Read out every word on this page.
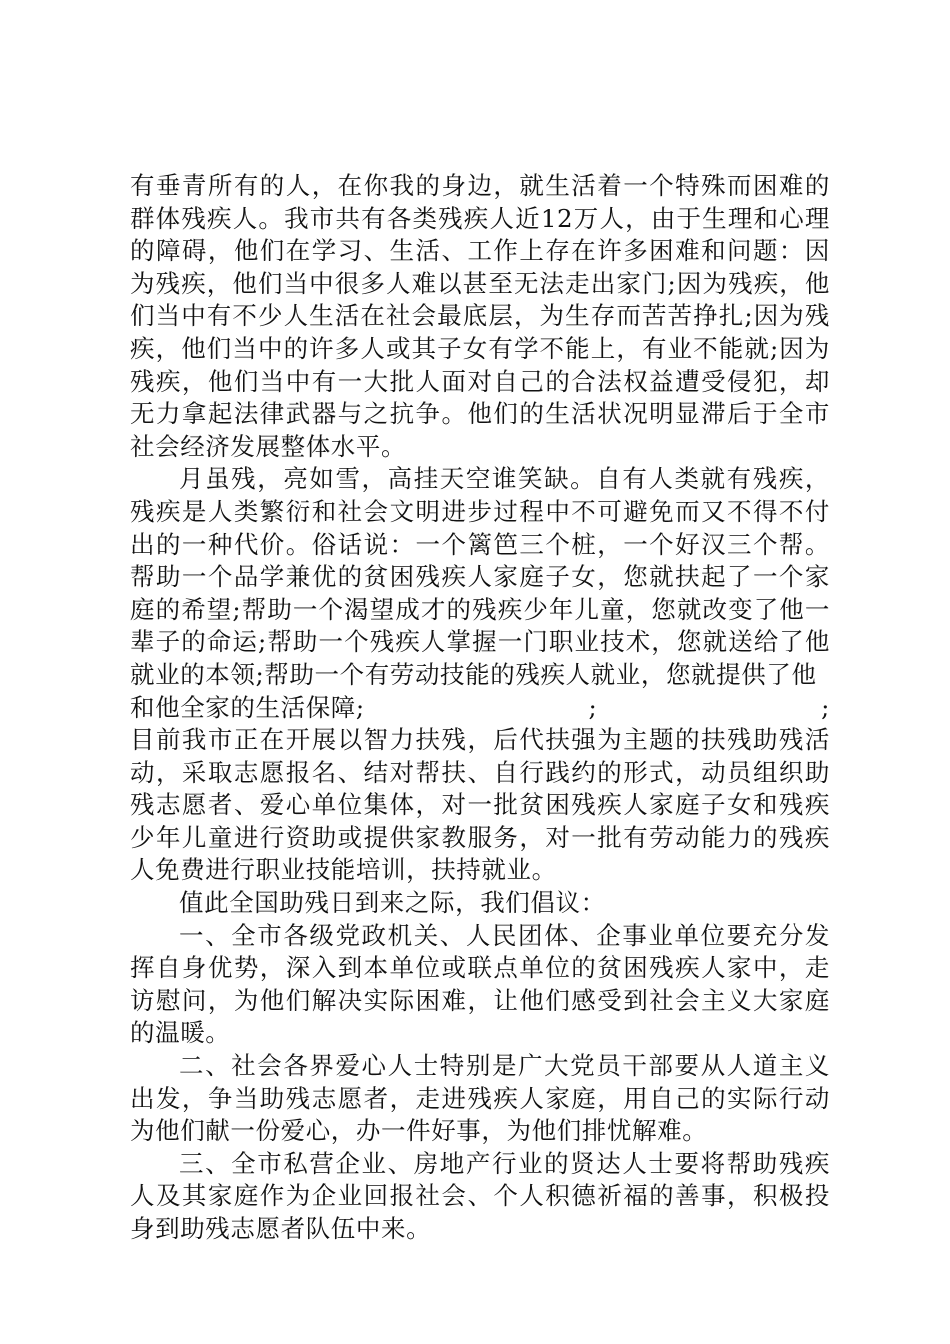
有垂青所有的人，在你我的身边，就生活着一个特殊而困难的群体残疾人。我市共有各类残疾人近12万人，由于生理和心理的障碍，他们在学习、生活、工作上存在许多困难和问题：因为残疾，他们当中很多人难以甚至无法走出家门;因为残疾，他们当中有不少人生活在社会最底层，为生存而苦苦挣扎;因为残疾，他们当中的许多人或其子女有学不能上，有业不能就;因为残疾，他们当中有一大批人面对自己的合法权益遭受侵犯，却无力拿起法律武器与之抗争。他们的生活状况明显滞后于全市社会经济发展整体水平。

月虽残，亮如雪，高挂天空谁笑缺。自有人类就有残疾，残疾是人类繁衍和社会文明进步过程中不可避免而又不得不付出的一种代价。俗话说：一个篱笆三个桩，一个好汉三个帮。帮助一个品学兼优的贫困残疾人家庭子女，您就扶起了一个家庭的希望;帮助一个渴望成才的残疾少年儿童，您就改变了他一辈子的命运;帮助一个残疾人掌握一门职业技术，您就送给了他就业的本领;帮助一个有劳动技能的残疾人就业，您就提供了他

和他全家的生活保障;	;	;

目前我市正在开展以智力扶残，后代扶强为主题的扶残助残活动，采取志愿报名、结对帮扶、自行践约的形式，动员组织助残志愿者、爱心单位集体，对一批贫困残疾人家庭子女和残疾少年儿童进行资助或提供家教服务，对一批有劳动能力的残疾人免费进行职业技能培训，扶持就业。

值此全国助残日到来之际，我们倡议：

一、全市各级党政机关、人民团体、企事业单位要充分发挥自身优势，深入到本单位或联点单位的贫困残疾人家中，走访慰问，为他们解决实际困难，让他们感受到社会主义大家庭的温暖。

二、社会各界爱心人士特别是广大党员干部要从人道主义出发，争当助残志愿者，走进残疾人家庭，用自己的实际行动为他们献一份爱心，办一件好事，为他们排忧解难。

三、全市私营企业、房地产行业的贤达人士要将帮助残疾人及其家庭作为企业回报社会、个人积德祈福的善事，积极投身到助残志愿者队伍中来。
